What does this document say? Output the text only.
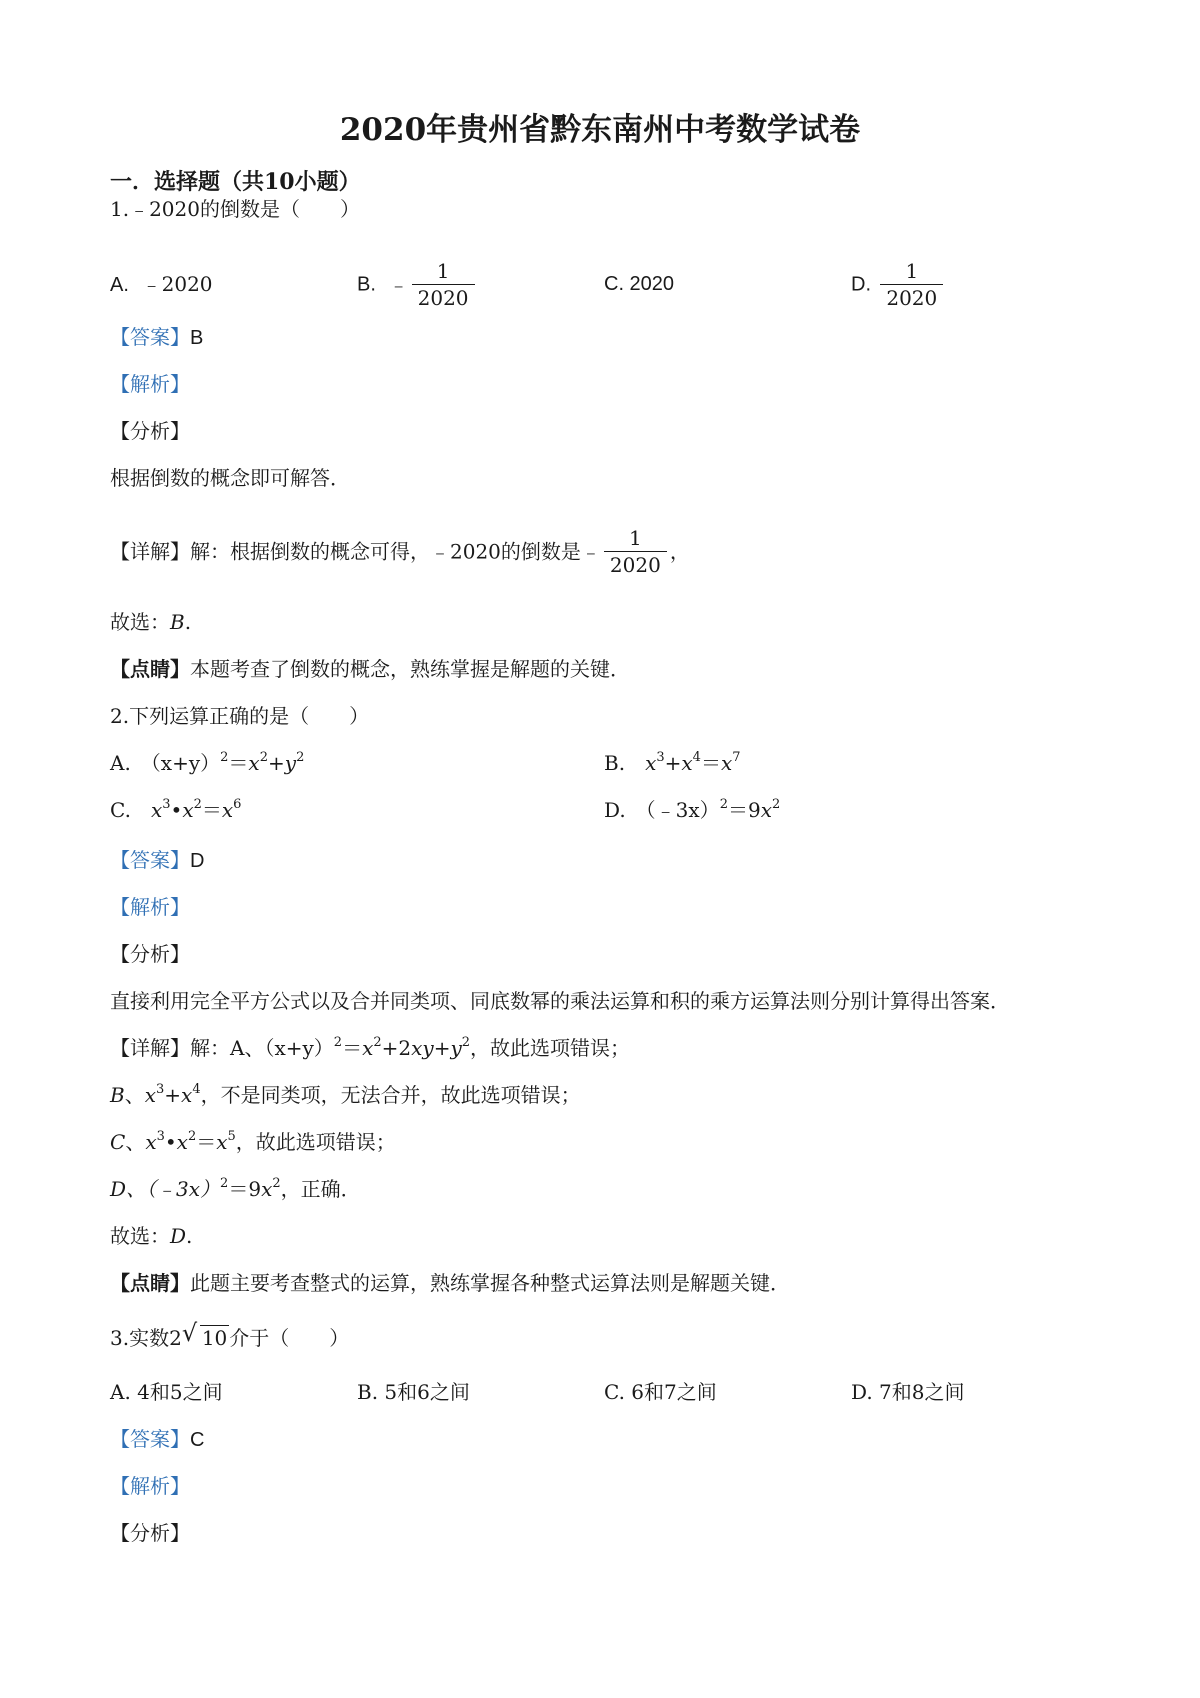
2020年贵州省黔东南州中考数学试卷
一．选择题（共10小题）
1.﹣2020的倒数是（　　）
A. ﹣2020	B. ﹣ $\frac{1}{2020}$	C. 2020	D. $\frac{1}{2020}$
【答案】B
【解析】
【分析】
根据倒数的概念即可解答．
【详解】解：根据倒数的概念可得，﹣2020的倒数是﹣ $\frac{1}{2020}$ ，
故选：B.
【点睛】本题考查了倒数的概念，熟练掌握是解题的关键．
2.下列运算正确的是（　　）
A.　$(x+y)^2=x^2+y^2$	B.　$x^3+x^4=x^7$
C.　 $x^3•x^2=x^6$	D.　$(﹣3x)^2=9x^2$
【答案】D
【解析】
【分析】
直接利用完全平方公式以及合并同类项、同底数幂的乘法运算和积的乘方运算法则分别计算得出答案．
【详解】解：A、$(x+y)^2=x^2+2xy+y^2$，故此选项错误；
B、$x^3+x^4$，不是同类项，无法合并，故此选项错误；
C、$x^3•x^2=x^5$，故此选项错误；
D、$(﹣3x)^2=9x^2$，正确．
故选：D.
【点睛】此题主要考查整式的运算，熟练掌握各种整式运算法则是解题关键．
3.实数2 √ 10 介于（　　）
A. 4和5之间	B. 5和6之间	C. 6和7之间	D. 7和8之间
【答案】C
【解析】
【分析】
